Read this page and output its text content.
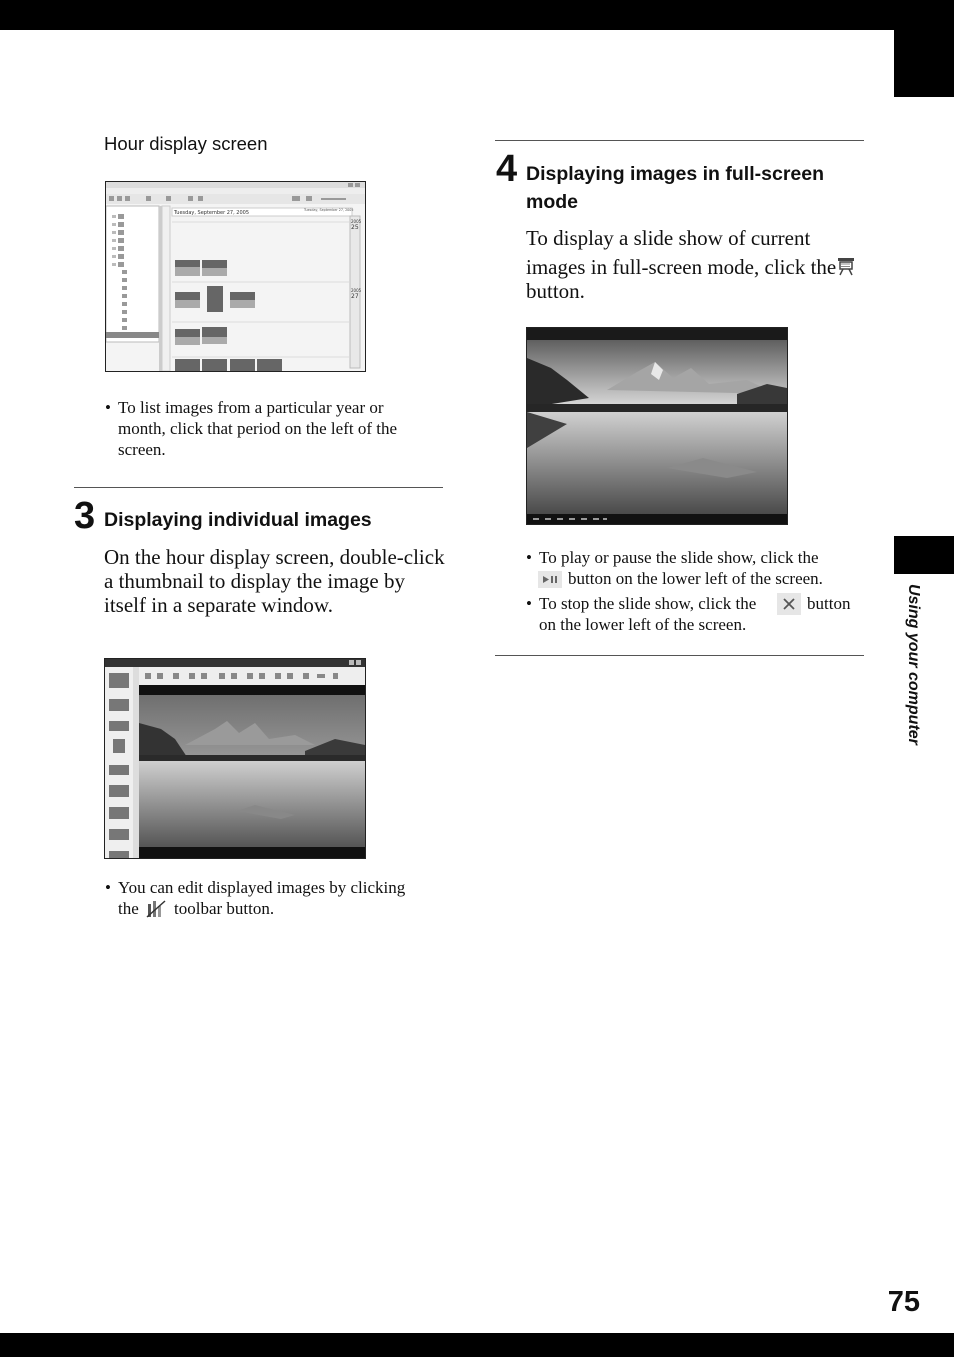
Using your computer
75
Hour display screen
Tuesday, September 27, 2005	Tuesday, September 27, 2005
2005
25
2005
27
• To list images from a particular year or month, click that period on the left of the screen.
3 Displaying individual images
On the hour display screen, double-click a thumbnail to display the image by itself in a separate window.
• You can edit displayed images by clicking
the toolbar button.
4 Displaying images in full-screen
mode
To display a slide show of current
images in full-screen mode, click the
button.
• To play or pause the slide show, click the
button on the lower left of the screen.
• To stop the slide show, click the	button
on the lower left of the screen.
